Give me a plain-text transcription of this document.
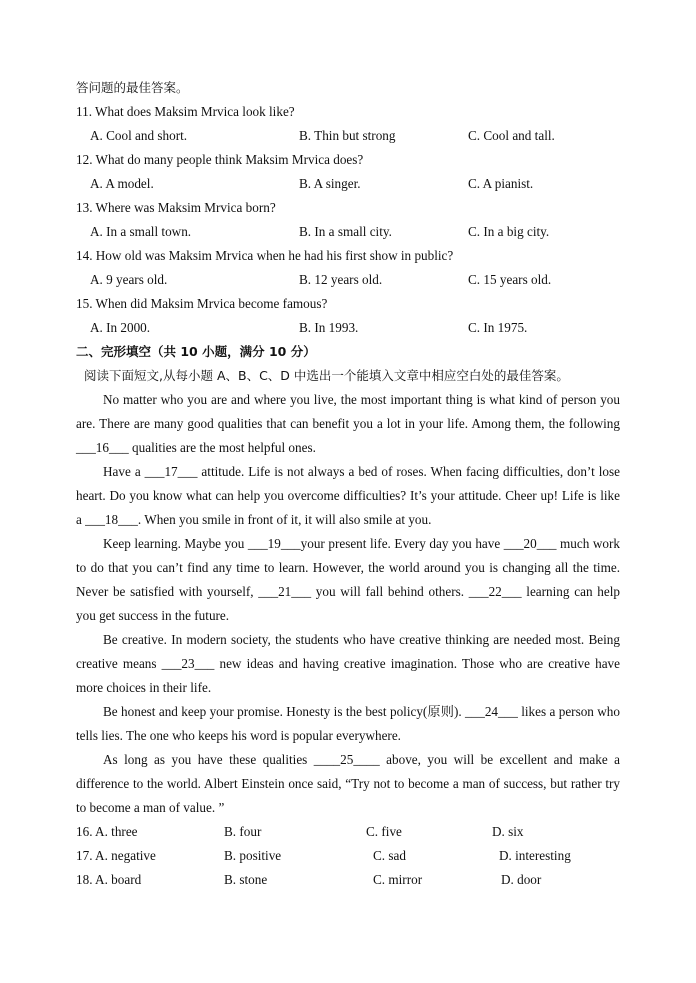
答问题的最佳答案。
11. What does Maksim Mrvica look like?
A. Cool and short.	B. Thin but strong	C. Cool and tall.
12. What do many people think Maksim Mrvica does?
A. A model.	B. A singer.	C. A pianist.
13. Where was Maksim Mrvica born?
A. In a small town.	B. In a small city.	C. In a big city.
14. How old was Maksim Mrvica when he had his first show in public?
A. 9 years old.	B. 12 years old.	C. 15 years old.
15. When did Maksim Mrvica become famous?
A. In 2000.	B. In 1993.	C. In 1975.
二、完形填空（共 10 小题，满分 10 分）
阅读下面短文,从每小题 A、B、C、D 中选出一个能填入文章中相应空白处的最佳答案。

No matter who you are and where you live, the most important thing is what kind of person you are. There are many good qualities that can benefit you a lot in your life. Among them, the following ___16___ qualities are the most helpful ones.

Have a ___17___ attitude. Life is not always a bed of roses. When facing difficulties, don’t lose heart. Do you know what can help you overcome difficulties? It’s your attitude. Cheer up! Life is like a ___18___. When you smile in front of it, it will also smile at you.

Keep learning. Maybe you ___19___your present life. Every day you have ___20___ much work to do that you can’t find any time to learn. However, the world around you is changing all the time. Never be satisfied with yourself, ___21___ you will fall behind others. ___22___ learning can help you get success in the future.

Be creative. In modern society, the students who have creative thinking are needed most. Being creative means ___23___ new ideas and having creative imagination. Those who are creative have more choices in their life.

Be honest and keep your promise. Honesty is the best policy(原则). ___24___ likes a person who tells lies. The one who keeps his word is popular everywhere.

As long as you have these qualities ____25____ above, you will be excellent and make a difference to the world. Albert Einstein once said, “Try not to become a man of success, but rather try to become a man of value. ”

16. A. three	B. four	C. five	D. six
17. A. negative	B. positive	C. sad	D. interesting
18. A. board	B. stone	C. mirror	D. door
